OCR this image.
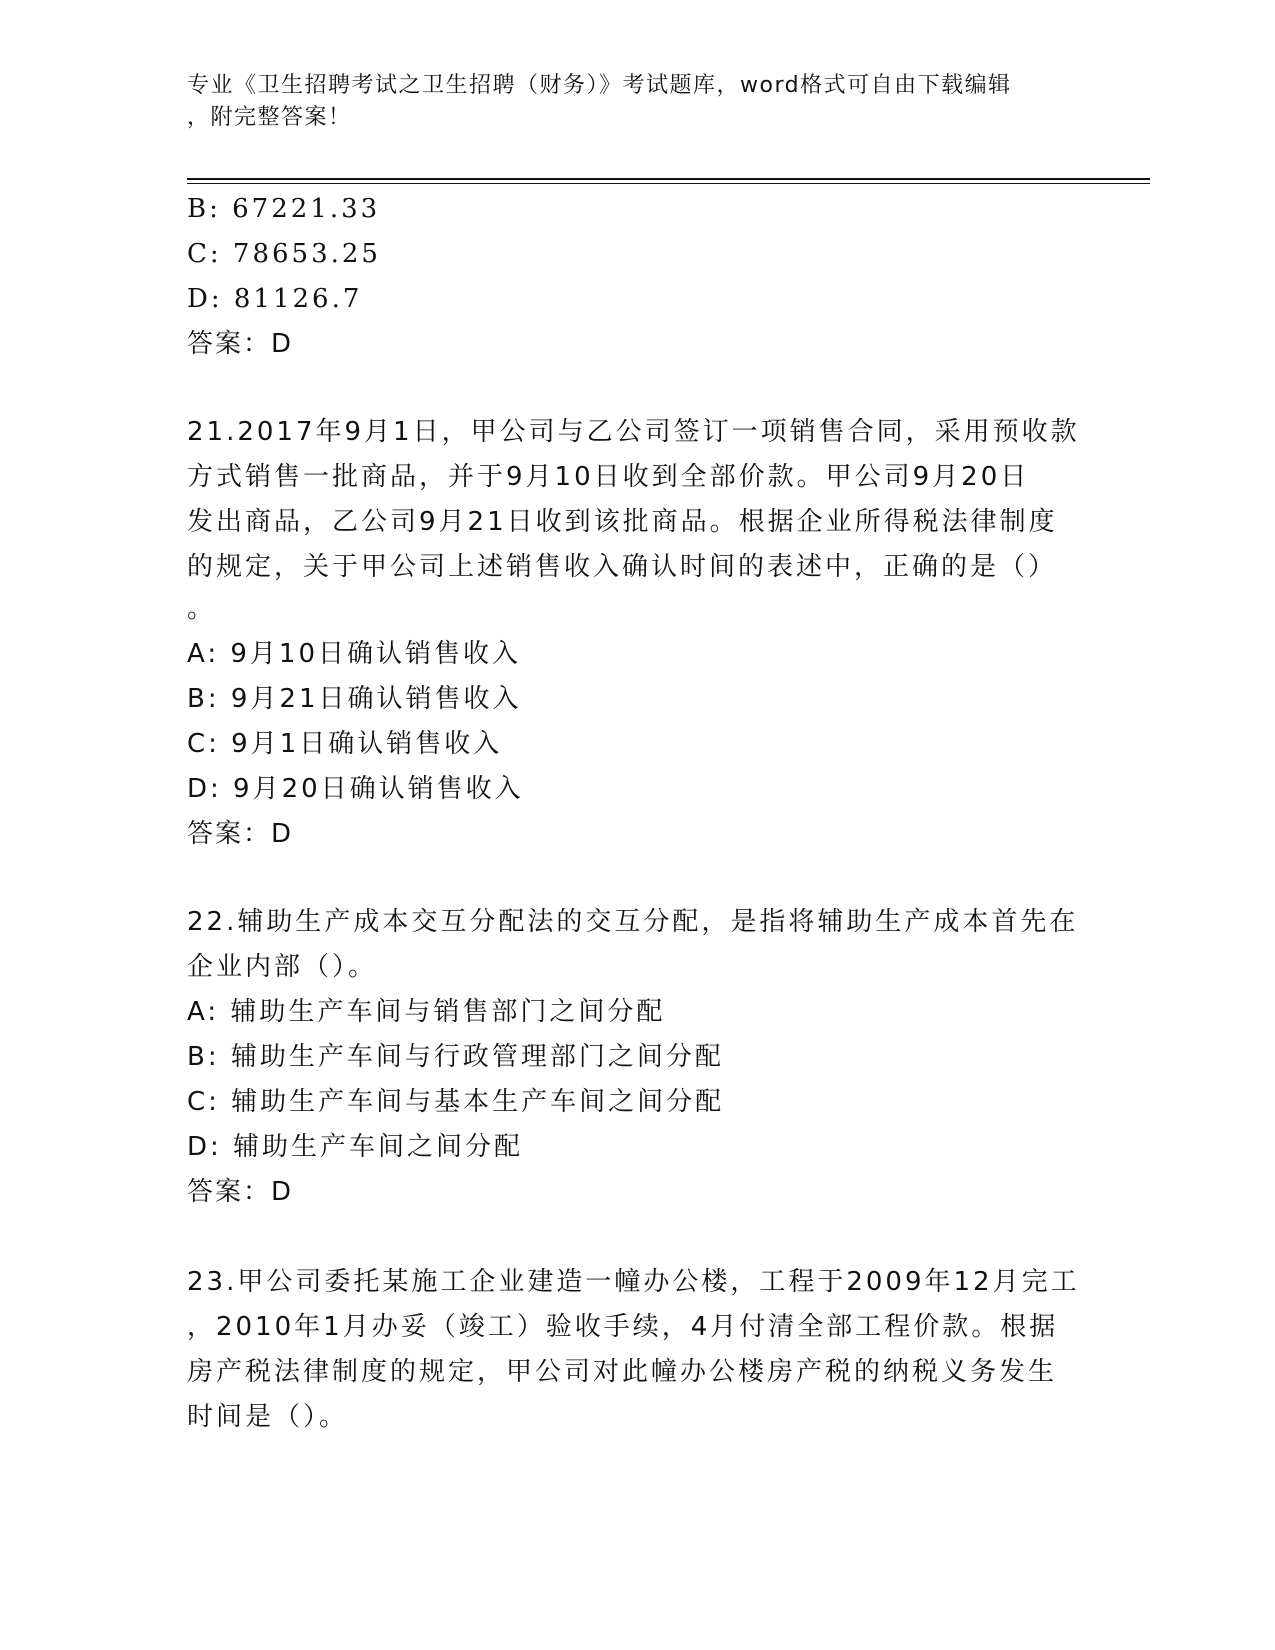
专业《卫生招聘考试之卫生招聘（财务）》考试题库，word格式可自由下载编辑
，附完整答案！
B: 67221.33
C: 78653.25
D: 81126.7
答案：D
21.2017年9月1日，甲公司与乙公司签订一项销售合同，采用预收款
方式销售一批商品，并于9月10日收到全部价款。甲公司9月20日
发出商品，乙公司9月21日收到该批商品。根据企业所得税法律制度
的规定，关于甲公司上述销售收入确认时间的表述中，正确的是（）
。
A: 9月10日确认销售收入
B: 9月21日确认销售收入
C: 9月1日确认销售收入
D: 9月20日确认销售收入
答案：D
22.辅助生产成本交互分配法的交互分配，是指将辅助生产成本首先在
企业内部（）。
A: 辅助生产车间与销售部门之间分配
B: 辅助生产车间与行政管理部门之间分配
C: 辅助生产车间与基本生产车间之间分配
D: 辅助生产车间之间分配
答案：D
23.甲公司委托某施工企业建造一幢办公楼，工程于2009年12月完工
，2010年1月办妥（竣工）验收手续，4月付清全部工程价款。根据
房产税法律制度的规定，甲公司对此幢办公楼房产税的纳税义务发生
时间是（）。
